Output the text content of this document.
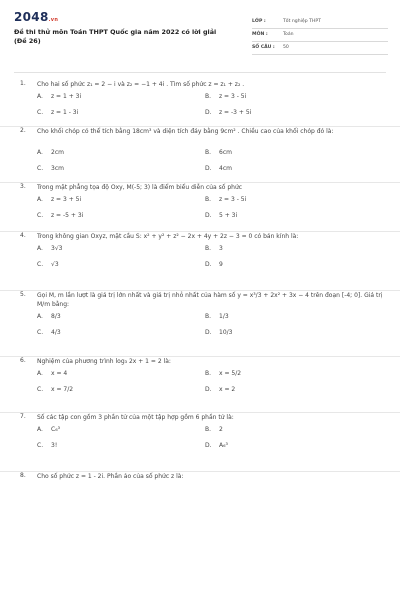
2048.vn
Đề thi thử môn Toán THPT Quốc gia năm 2022 có lời giải
(Đề 26)
LỚP :	Tốt nghiệp THPT
MÔN :	Toán
SỐ CÂU : 50
1. Cho hai số phức z₁ = 2 − i và z₂ = −1 + 4i . Tìm số phức z = z₁ + z₂ .
A. z = 1 + 3i	B. z = 3 - 5i
C. z = 1 - 3i	D. z = -3 + 5i
2. Cho khối chóp có thể tích bằng 18cm³ và diện tích đáy bằng 9cm² . Chiều cao của khối chóp đó là:
A. 2cm	B. 6cm
C. 3cm	D. 4cm
3. Trong mặt phẳng tọa độ Oxy, M(-5; 3) là điểm biểu diễn của số phức
A. z = 3 + 5i	B. z = 3 - 5i
C. z = -5 + 3i	D. 5 + 3i
4. Trong không gian Oxyz, mặt cầu S: x² + y² + z² − 2x + 4y + 2z − 3 = 0 có bán kính là:
A. 3√3	B. 3
C. √3	D. 9
5. Gọi M, m lần lượt là giá trị lớn nhất và giá trị nhỏ nhất của hàm số y = x³/3 + 2x² + 3x − 4 trên đoạn [-4; 0]. Giá trị M/m bằng:
A. 8/3	B. 1/3
C. 4/3	D. 10/3
6. Nghiệm của phương trình log₃ 2x + 1 = 2 là:
A. x = 4	B. x = 5/2
C. x = 7/2	D. x = 2
7. Số các tập con gồm 3 phần tử của một tập hợp gồm 6 phần tử là:
A. C₆³	B. 2
C. 3!	D. A₆³
8. Cho số phức z = 1 - 2i. Phần ảo của số phức z là:
